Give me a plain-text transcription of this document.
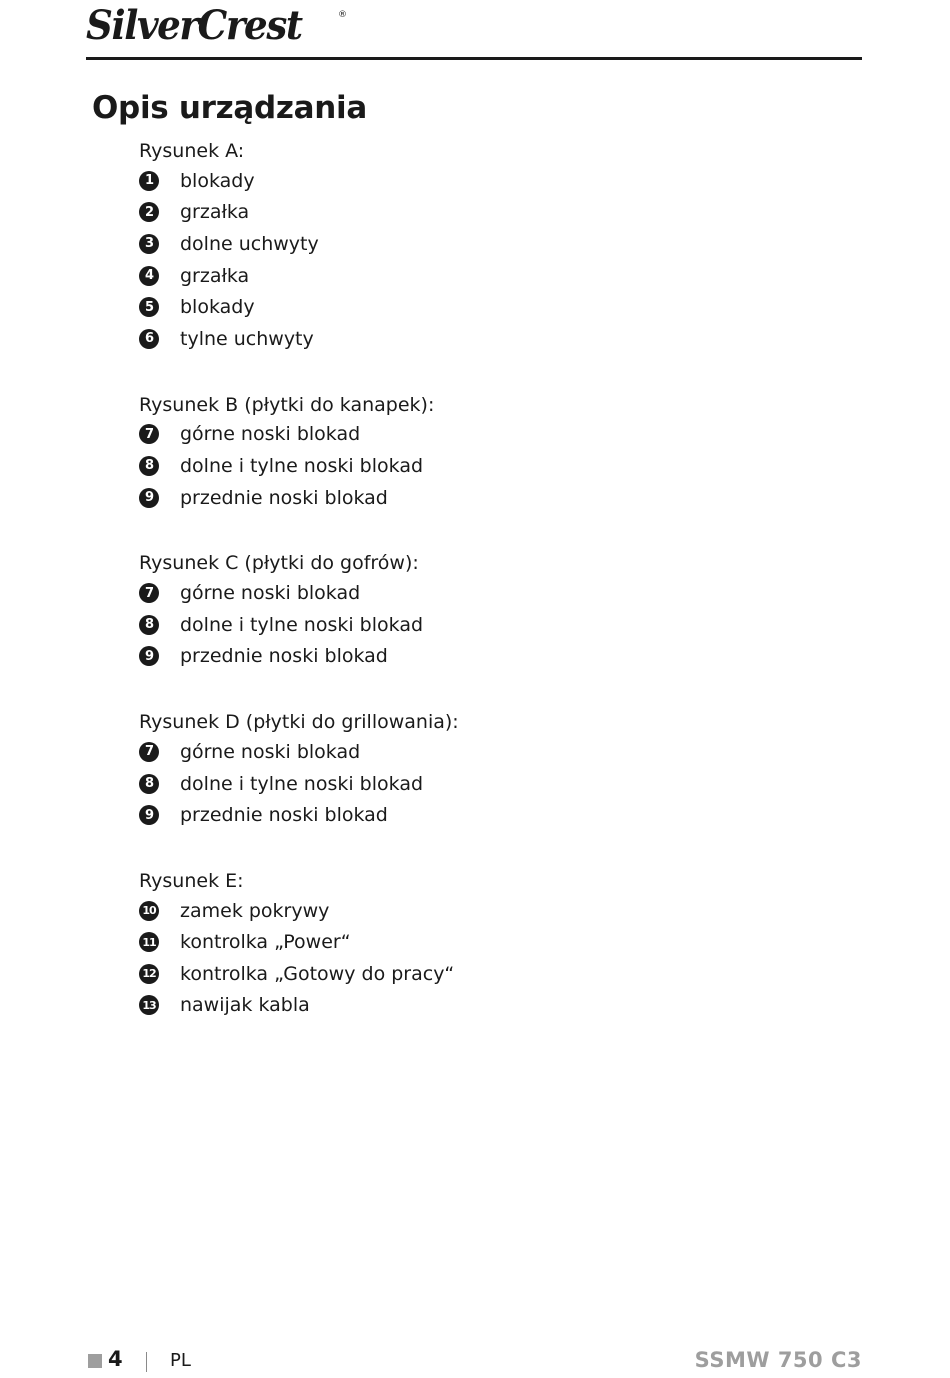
SilverCrest	®
Opis urządzania
Rysunek A:
1	blokady
2	grzałka
3	dolne uchwyty
4	grzałka
5	blokady
6	tylne uchwyty
Rysunek B (płytki do kanapek):
7	górne noski blokad
8	dolne i tylne noski blokad
9	przednie noski blokad
Rysunek C (płytki do gofrów):
7	górne noski blokad
8	dolne i tylne noski blokad
9	przednie noski blokad
Rysunek D (płytki do grillowania):
7	górne noski blokad
8	dolne i tylne noski blokad
9	przednie noski blokad
Rysunek E:
10 zamek pokrywy
11 kontrolka „Power“
12 kontrolka „Gotowy do pracy“
13 nawijak kabla
4	PL	SSMW 750 C3
